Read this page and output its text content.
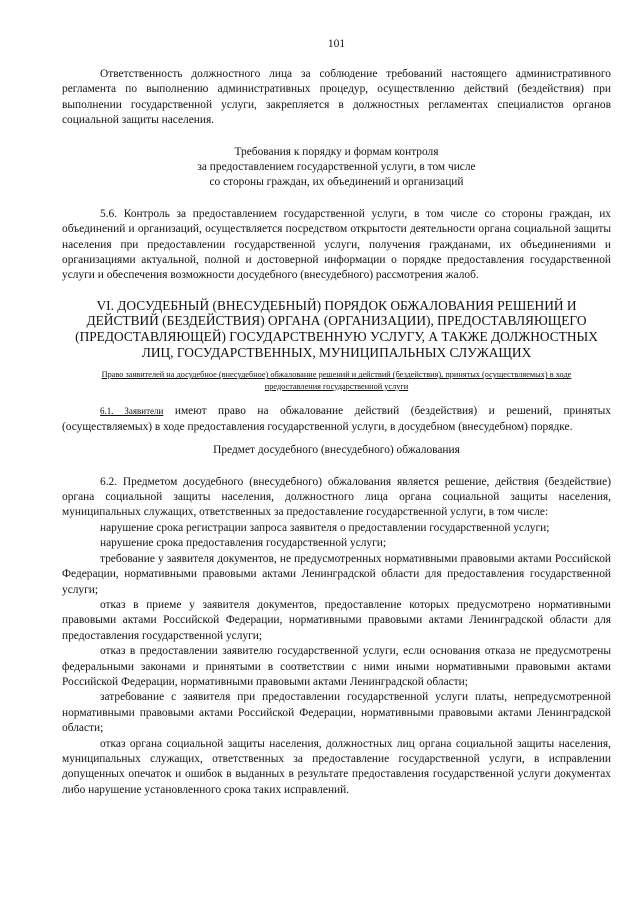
101

Ответственность должностного лица за соблюдение требований настоящего административного регламента по выполнению административных процедур, осуществлению действий (бездействия) при выполнении государственной услуги, закрепляется в должностных регламентах специалистов органов социальной защиты населения.

Требования к порядку и формам контроля

за предоставлением государственной услуги, в том числе

со стороны граждан, их объединений и организаций

5.6. Контроль за предоставлением государственной услуги, в том числе со стороны граждан, их объединений и организаций, осуществляется посредством открытости деятельности органа социальной защиты населения при предоставлении государственной услуги, получения гражданами, их объединениями и организациями актуальной, полной и достоверной информации о порядке предоставления государственной услуги и обеспечения возможности досудебного (внесудебного) рассмотрения жалоб.

VI. ДОСУДЕБНЫЙ (ВНЕСУДЕБНЫЙ) ПОРЯДОК ОБЖАЛОВАНИЯ РЕШЕНИЙ И ДЕЙСТВИЙ (БЕЗДЕЙСТВИЯ) ОРГАНА (ОРГАНИЗАЦИИ), ПРЕДОСТАВЛЯЮЩЕГО (ПРЕДОСТАВЛЯЮЩЕЙ) ГОСУДАРСТВЕННУЮ УСЛУГУ, А ТАКЖЕ ДОЛЖНОСТНЫХ ЛИЦ, ГОСУДАРСТВЕННЫХ, МУНИЦИПАЛЬНЫХ СЛУЖАЩИХ

Право заявителей на досудебное (внесудебное) обжалование решений и действий (бездействия), принятых (осуществляемых) в ходе предоставления государственной услуги

6.1. Заявители имеют право на обжалование действий (бездействия) и решений, принятых (осуществляемых) в ходе предоставления государственной услуги, в досудебном (внесудебном) порядке.

Предмет досудебного (внесудебного) обжалования

6.2. Предметом досудебного (внесудебного) обжалования является решение, действия (бездействие) органа социальной защиты населения, должностного лица органа социальной защиты населения, муниципальных служащих, ответственных за предоставление государственной услуги, в том числе:

нарушение срока регистрации запроса заявителя о предоставлении государственной услуги;

нарушение срока предоставления государственной услуги;

требование у заявителя документов, не предусмотренных нормативными правовыми актами Российской Федерации, нормативными правовыми актами Ленинградской области для предоставления государственной услуги;

отказ в приеме у заявителя документов, предоставление которых предусмотрено нормативными правовыми актами Российской Федерации, нормативными правовыми актами Ленинградской области для предоставления государственной услуги;

отказ в предоставлении заявителю государственной услуги, если основания отказа не предусмотрены федеральными законами и принятыми в соответствии с ними иными нормативными правовыми актами Российской Федерации, нормативными правовыми актами Ленинградской области;

затребование с заявителя при предоставлении государственной услуги платы, непредусмотренной нормативными правовыми актами Российской Федерации, нормативными правовыми актами Ленинградской области;

отказ органа социальной защиты населения, должностных лиц органа социальной защиты населения, муниципальных служащих, ответственных за предоставление государственной услуги, в исправлении допущенных опечаток и ошибок в выданных в результате предоставления государственной услуги документах либо нарушение установленного срока таких исправлений.
